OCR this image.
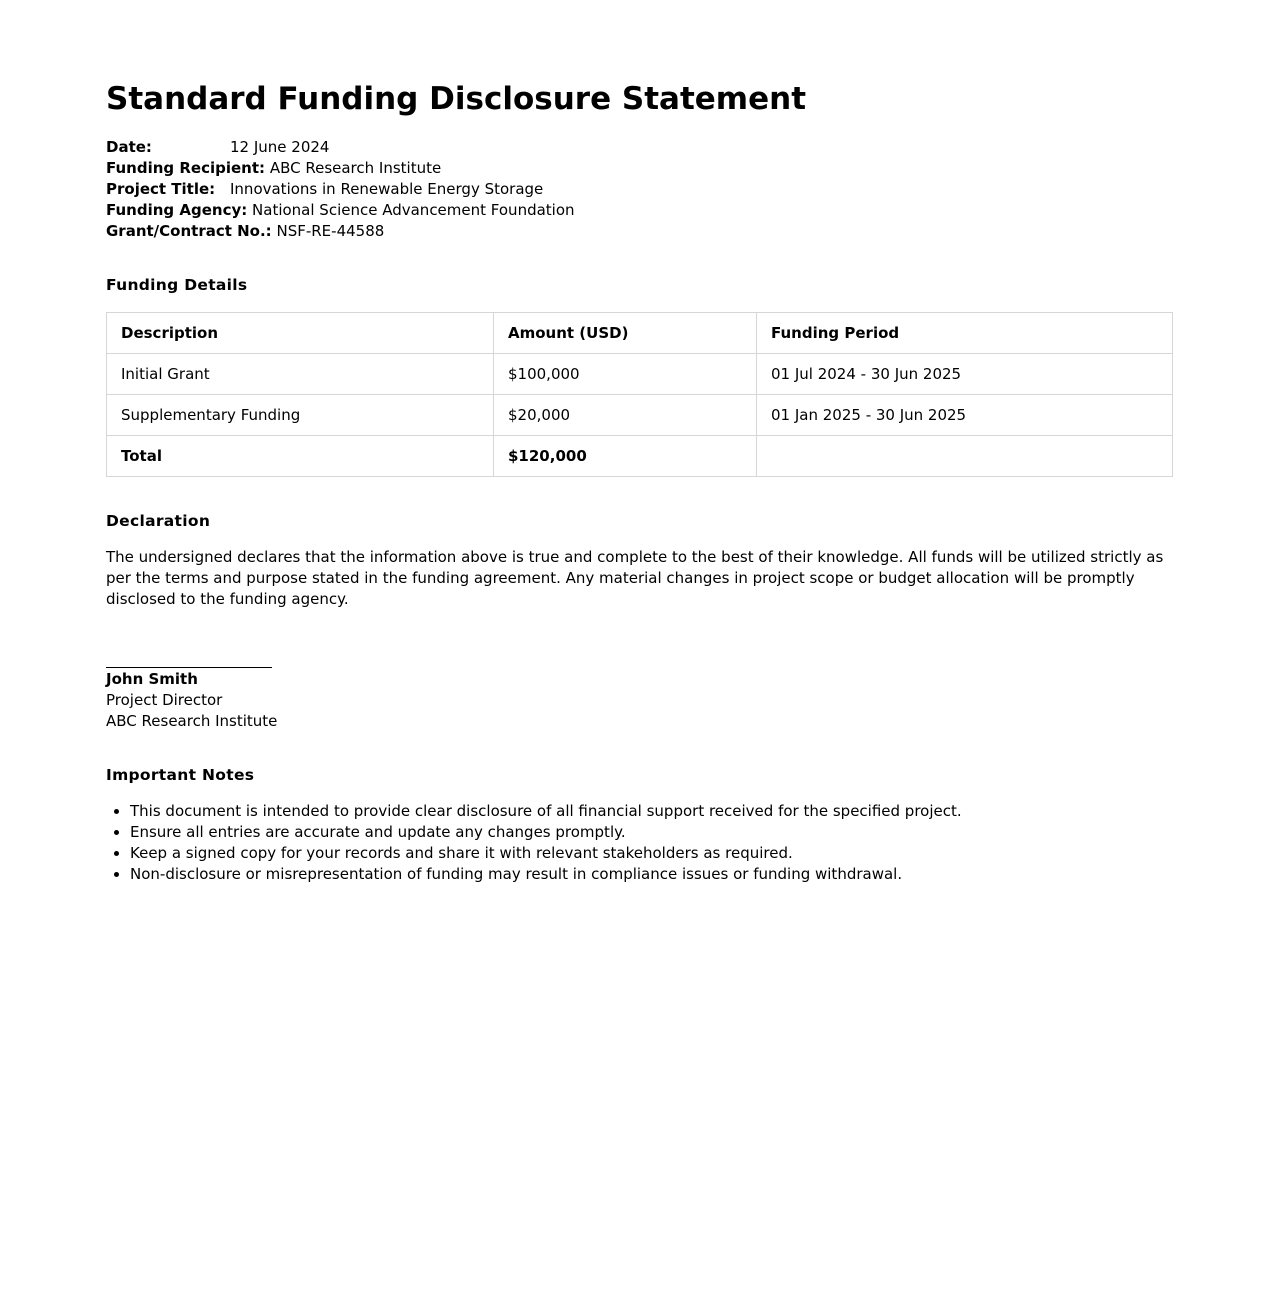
Standard Funding Disclosure Statement
Date:	12 June 2024
Funding Recipient: ABC Research Institute
Project Title: Innovations in Renewable Energy Storage
Funding Agency: National Science Advancement Foundation
Grant/Contract No.: NSF-RE-44588
Funding Details
Description	Amount (USD)	Funding Period
Initial Grant	$100,000	01 Jul 2024 - 30 Jun 2025
Supplementary Funding	$20,000	01 Jan 2025 - 30 Jun 2025
Total	$120,000	
Declaration

The undersigned declares that the information above is true and complete to the best of their knowledge. All funds will be utilized strictly as per the terms and purpose stated in the funding agreement. Any material changes in project scope or budget allocation will be promptly disclosed to the funding agency.

John Smith
Project Director
ABC Research Institute
Important Notes
• This document is intended to provide clear disclosure of all financial support received for the specified project.
• Ensure all entries are accurate and update any changes promptly.
• Keep a signed copy for your records and share it with relevant stakeholders as required.
• Non-disclosure or misrepresentation of funding may result in compliance issues or funding withdrawal.
